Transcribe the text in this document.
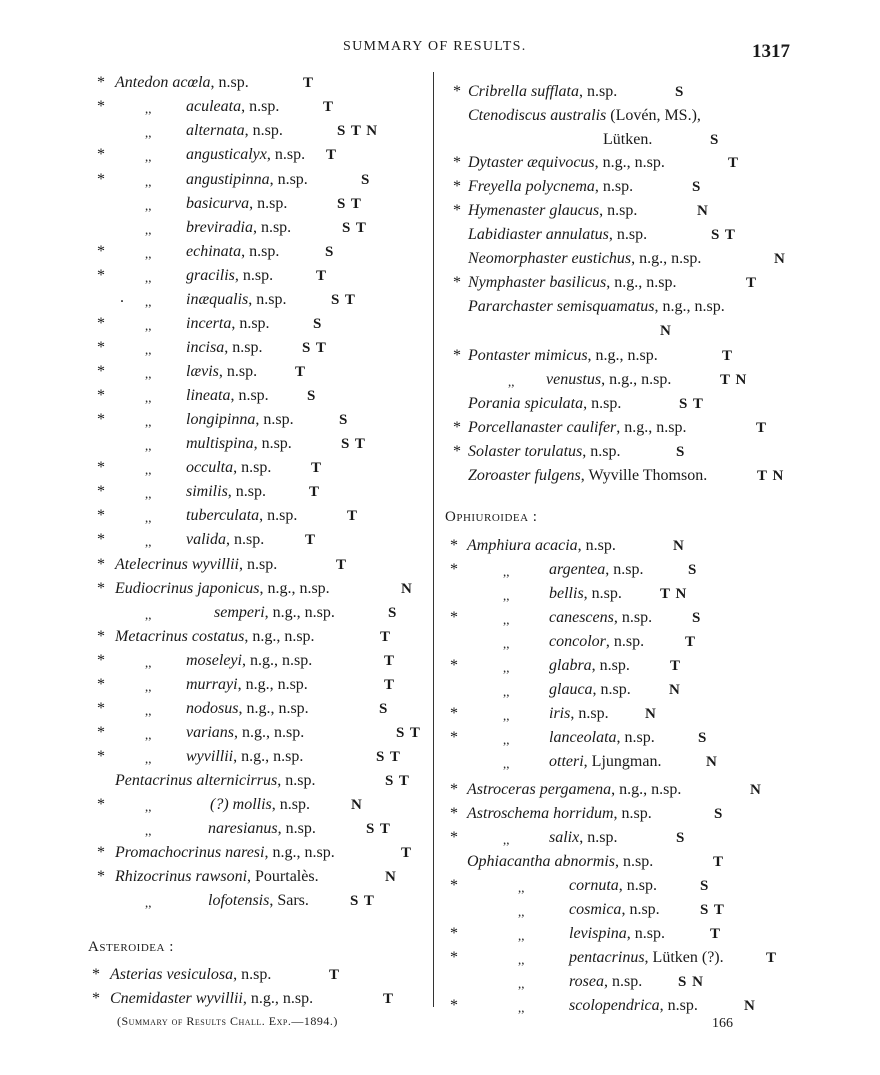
SUMMARY OF RESULTS.	1317
* Antedon acœla, n.sp.	T
*	,, aculeata, n.sp.	T
,, alternata, n.sp.	S T N
*	,, angusticalyx, n.sp. T
*	,, angustipinna, n.sp.	S
,, basicurva, n.sp.	S T
,, breviradia, n.sp.	S T
*	,, echinata, n.sp.	S
*	,, gracilis, n.sp.	T
,, inæqualis, n.sp.	S T
*	,, incerta, n.sp.	S
*	,, incisa, n.sp.	S T
*	,, lævis, n.sp.	T
*	,, lineata, n.sp.	S
*	,, longipinna, n.sp.	S
,, multispina, n.sp.	S T
*	,, occulta, n.sp.	T
*	,, similis, n.sp.	T
*	,, tuberculata, n.sp.	T
*	,, valida, n.sp.	T
* Atelecrinus wyvillii, n.sp.	T
* Eudiocrinus japonicus, n.g., n.sp.	N
,,	semperi, n.g., n.sp.	S
* Metacrinus costatus, n.g., n.sp.	T
*	,, moseleyi, n.g., n.sp.	T
*	,, murrayi, n.g., n.sp.	T
*	,, nodosus, n.g., n.sp.	S
*	,, varians, n.g., n.sp.	S T
*	,, wyvillii, n.g., n.sp.	S T
Pentacrinus alternicirrus, n.sp.	S T
*	,,	(?) mollis, n.sp.	N
,,	naresianus, n.sp.	S T
* Promachocrinus naresi, n.g., n.sp.	T
* Rhizocrinus rawsoni, Pourtalès.	N
,,	lofotensis, Sars.	S T
* Asterias vesiculosa, n.sp.	T
* Cnemidaster wyvillii, n.g., n.sp.	T
* Cribrella sufflata, n.sp.	S
Ctenodiscus australis (Lovén, MS.),
Lütken.	S
* Dytaster æquivocus, n.g., n.sp.	T
* Freyella polycnema, n.sp.	S
* Hymenaster glaucus, n.sp.	N
Labidiaster annulatus, n.sp.	S T
Neomorphaster eustichus, n.g., n.sp.	N
* Nymphaster basilicus, n.g., n.sp.	T
Pararchaster semisquamatus, n.g., n.sp.
N
* Pontaster mimicus, n.g., n.sp.	T
,, venustus, n.g., n.sp.	T N
Porania spiculata, n.sp.	S T
* Porcellanaster caulifer, n.g., n.sp.	T
* Solaster torulatus, n.sp.	S
Zoroaster fulgens, Wyville Thomson.	T N
* Amphiura acacia, n.sp.	N
*	,, argentea, n.sp.	S
,, bellis, n.sp.	T N
*	,, canescens, n.sp.	S
,, concolor, n.sp.	T
*	,, glabra, n.sp.	T
,, glauca, n.sp.	N
*	,, iris, n.sp. N
*	,, lanceolata, n.sp.	S
,, otteri, Ljungman.	N
* Astroceras pergamena, n.g., n.sp.	N
* Astroschema horridum, n.sp.	S
*	,, salix, n.sp.	S
Ophiacantha abnormis, n.sp.	T
*	,,	cornuta, n.sp.	S
,,	cosmica, n.sp.	S T
*	,,	levispina, n.sp.	T
*	,,	pentacrinus, Lütken (?).	T
,,	rosea, n.sp. S N
*	,,	scolopendrica, n.sp.	N
.
Asteroidea :
Ophiuroidea :
(Summary of Results Chall. Exp.—1894.)	166
